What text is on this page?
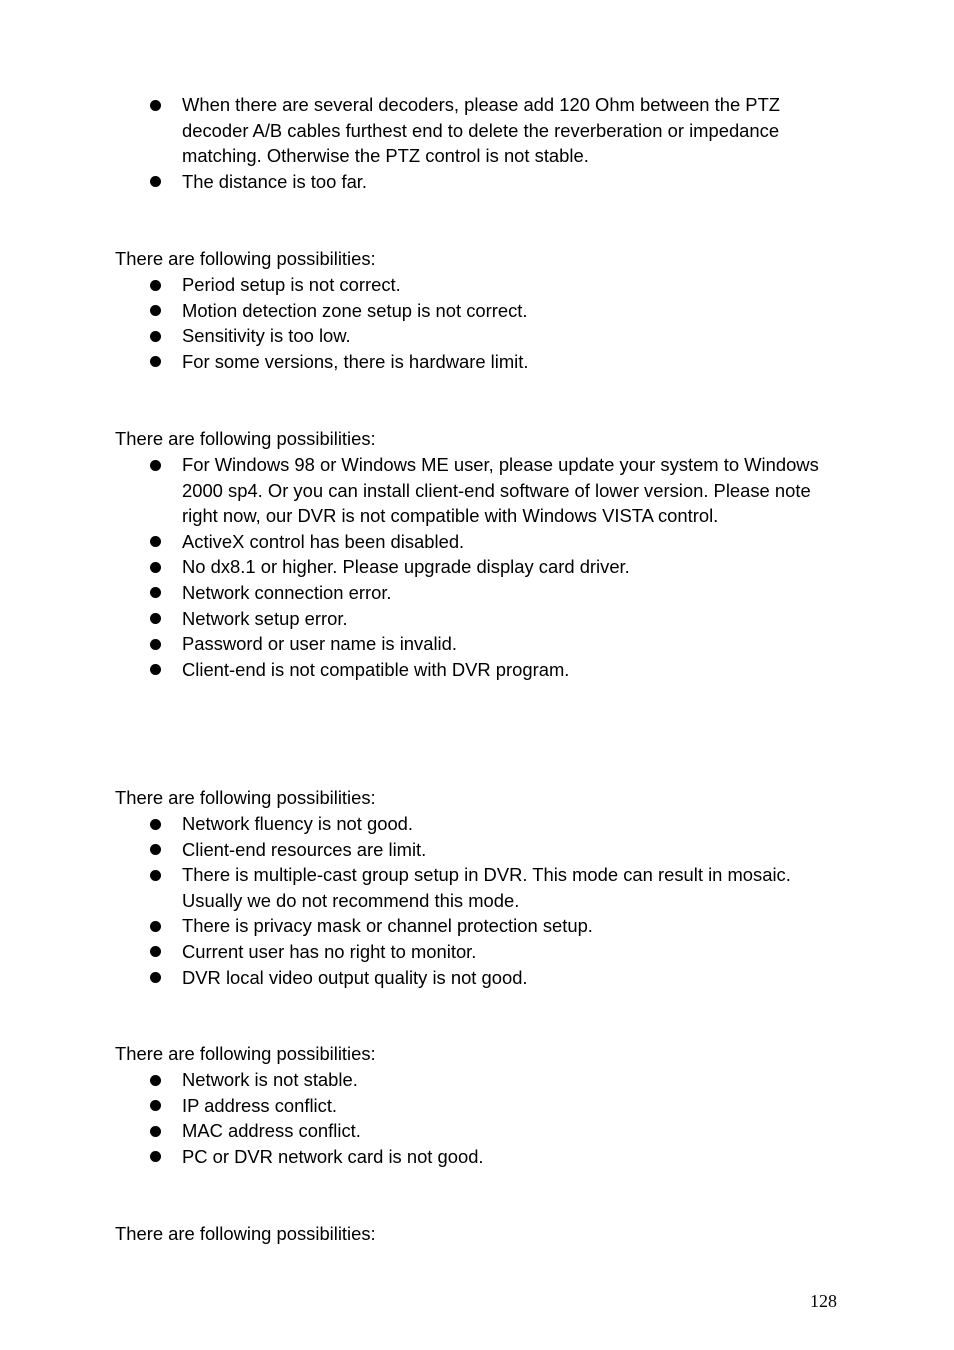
When there are several decoders, please add 120 Ohm between the PTZ decoder A/B cables furthest end to delete the reverberation or impedance matching. Otherwise the PTZ control is not stable.
The distance is too far.
There are following possibilities:
Period setup is not correct.
Motion detection zone setup is not correct.
Sensitivity is too low.
For some versions, there is hardware limit.
There are following possibilities:
For Windows 98 or Windows ME user, please update your system to Windows 2000 sp4. Or you can install client-end software of lower version. Please note right now, our DVR is not compatible with Windows VISTA control.
ActiveX control has been disabled.
No dx8.1 or higher. Please upgrade display card driver.
Network connection error.
Network setup error.
Password or user name is invalid.
Client-end is not compatible with DVR program.
There are following possibilities:
Network fluency is not good.
Client-end resources are limit.
There is multiple-cast group setup in DVR. This mode can result in mosaic. Usually we do not recommend this mode.
There is privacy mask or channel protection setup.
Current user has no right to monitor.
DVR local video output quality is not good.
There are following possibilities:
Network is not stable.
IP address conflict.
MAC address conflict.
PC or DVR network card is not good.
There are following possibilities:
128
